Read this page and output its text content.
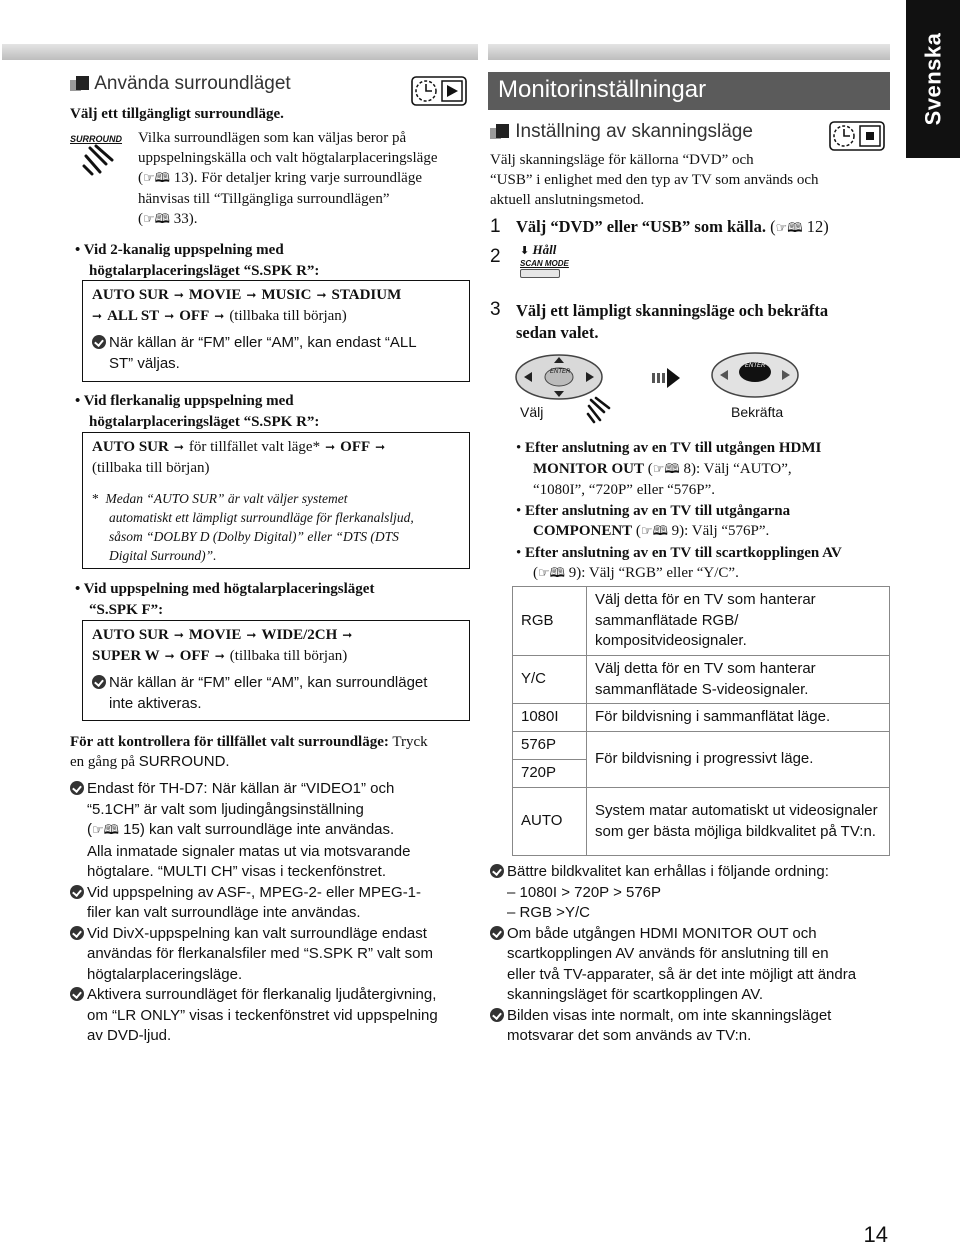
Svenska
Använda surroundläget
Välj ett tillgängligt surroundläge.
SURROUND	Vilka surroundlägen som kan väljas beror på
uppspelningskälla och valt högtalarplaceringsläge
(☞🕮 13). För detaljer kring varje surroundläge
hänvisas till “Tillgängliga surroundlägen”
(☞🕮 33).
• Vid 2-kanalig uppspelning med
högtalarplaceringsläget “S.SPK R”:
AUTO SUR ➞ MOVIE ➞ MUSIC ➞ STADIUM
➞ ALL ST ➞ OFF ➞ (tillbaka till början)
När källan är “FM” eller “AM”, kan endast “ALL
ST” väljas.
• Vid flerkanalig uppspelning med
högtalarplaceringsläget “S.SPK R”:
AUTO SUR ➞ för tillfället valt läge* ➞ OFF ➞
(tillbaka till början)
* Medan “AUTO SUR” är valt väljer systemet
automatiskt ett lämpligt surroundläge för flerkanalsljud,
såsom “DOLBY D (Dolby Digital)” eller “DTS (DTS
Digital Surround)”.
• Vid uppspelning med högtalarplaceringsläget
“S.SPK F”:
AUTO SUR ➞ MOVIE ➞ WIDE/2CH ➞
SUPER W ➞ OFF ➞ (tillbaka till början)
När källan är “FM” eller “AM”, kan surroundläget
inte aktiveras.
För att kontrollera för tillfället valt surroundläge: Tryck
en gång på SURROUND.
Endast för TH-D7: När källan är “VIDEO1” och
“5.1CH” är valt som ljudingångsinställning
(☞🕮 15) kan valt surroundläge inte användas.
Alla inmatade signaler matas ut via motsvarande
högtalare. “MULTI CH” visas i teckenfönstret.
Vid uppspelning av ASF-, MPEG-2- eller MPEG-1-
filer kan valt surroundläge inte användas.
Vid DivX-uppspelning kan valt surroundläge endast
användas för flerkanalsfiler med “S.SPK R” valt som
högtalarplaceringsläge.
Aktivera surroundläget för flerkanalig ljudåtergivning,
om “LR ONLY” visas i teckenfönstret vid uppspelning
av DVD-ljud.
Monitorinställningar
Inställning av skanningsläge
Välj skanningsläge för källorna “DVD” och
“USB” i enlighet med den typ av TV som används och
aktuell anslutningsmetod.
1 Välj “DVD” eller “USB” som källa. (☞🕮 12)
2 ⬇ Håll
SCAN MODE
3 Välj ett lämpligt skanningsläge och bekräfta
sedan valet.
ENTER
ENTER
Välj	Bekräfta
• Efter anslutning av en TV till utgången HDMI
MONITOR OUT (☞🕮 8): Välj “AUTO”,
“1080I”, “720P” eller “576P”.
• Efter anslutning av en TV till utgångarna
COMPONENT (☞🕮 9): Välj “576P”.
• Efter anslutning av en TV till scartkopplingen AV
(☞🕮 9): Välj “RGB” eller “Y/C”.
RGB	Välj detta för en TV som hanterar sammanflätade RGB/ kompositvideosignaler.
Y/C	Välj detta för en TV som hanterar sammanflätade S-videosignaler.
1080I	För bildvisning i sammanflätat läge.
576P	För bildvisning i progressivt läge.
720P	
AUTO	System matar automatiskt ut videosignaler som ger bästa möjliga bildkvalitet på TV:n.
Bättre bildkvalitet kan erhållas i följande ordning:
– 1080I > 720P > 576P
– RGB >Y/C
Om både utgången HDMI MONITOR OUT och
scartkopplingen AV används för anslutning till en
eller två TV-apparater, så är det inte möjligt att ändra
skanningsläget för scartkopplingen AV.
Bilden visas inte normalt, om inte skanningsläget
motsvarar det som används av TV:n.
14
